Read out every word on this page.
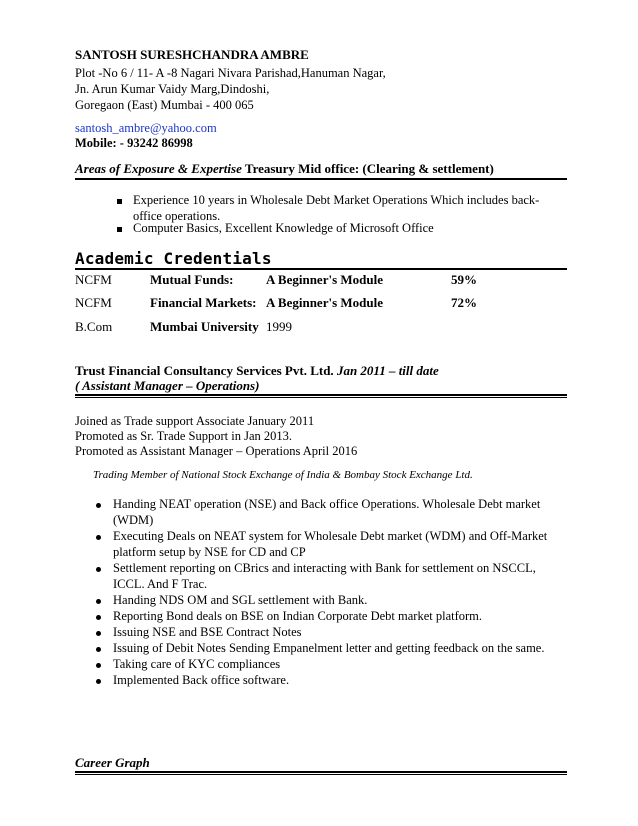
SANTOSH SURESHCHANDRA AMBRE
Plot -No 6 / 11- A -8 Nagari Nivara Parishad,Hanuman Nagar,
Jn. Arun Kumar Vaidy Marg,Dindoshi,
Goregaon (East) Mumbai - 400 065
santosh_ambre@yahoo.com
Mobile: - 93242 86998
Areas of Exposure & Expertise Treasury Mid office: (Clearing & settlement)
Experience 10 years in Wholesale Debt Market Operations Which includes back-office operations.
Computer Basics, Excellent Knowledge of Microsoft Office
Academic Credentials
NCFM	Mutual Funds:	A Beginner's Module	59%
NCFM	Financial Markets: A Beginner's Module	72%
B.Com	Mumbai University 1999
Trust Financial Consultancy Services Pvt. Ltd. Jan 2011 – till date
( Assistant Manager – Operations)
Joined as Trade support Associate January 2011
Promoted as Sr. Trade Support in Jan 2013.
Promoted as Assistant Manager – Operations April 2016
Trading Member of National Stock Exchange of India & Bombay Stock Exchange Ltd.
Handing NEAT operation (NSE) and Back office Operations. Wholesale Debt market (WDM)
Executing Deals on NEAT system for Wholesale Debt market (WDM) and Off-Market platform setup by NSE for CD and CP
Settlement reporting on CBrics and interacting with Bank for settlement on NSCCL, ICCL. And F Trac.
Handing NDS OM and SGL settlement with Bank.
Reporting Bond deals on BSE on Indian Corporate Debt market platform.
Issuing NSE and BSE Contract Notes
Issuing of Debit Notes Sending Empanelment letter and getting feedback on the same.
Taking care of KYC compliances
Implemented Back office software.
Career Graph
